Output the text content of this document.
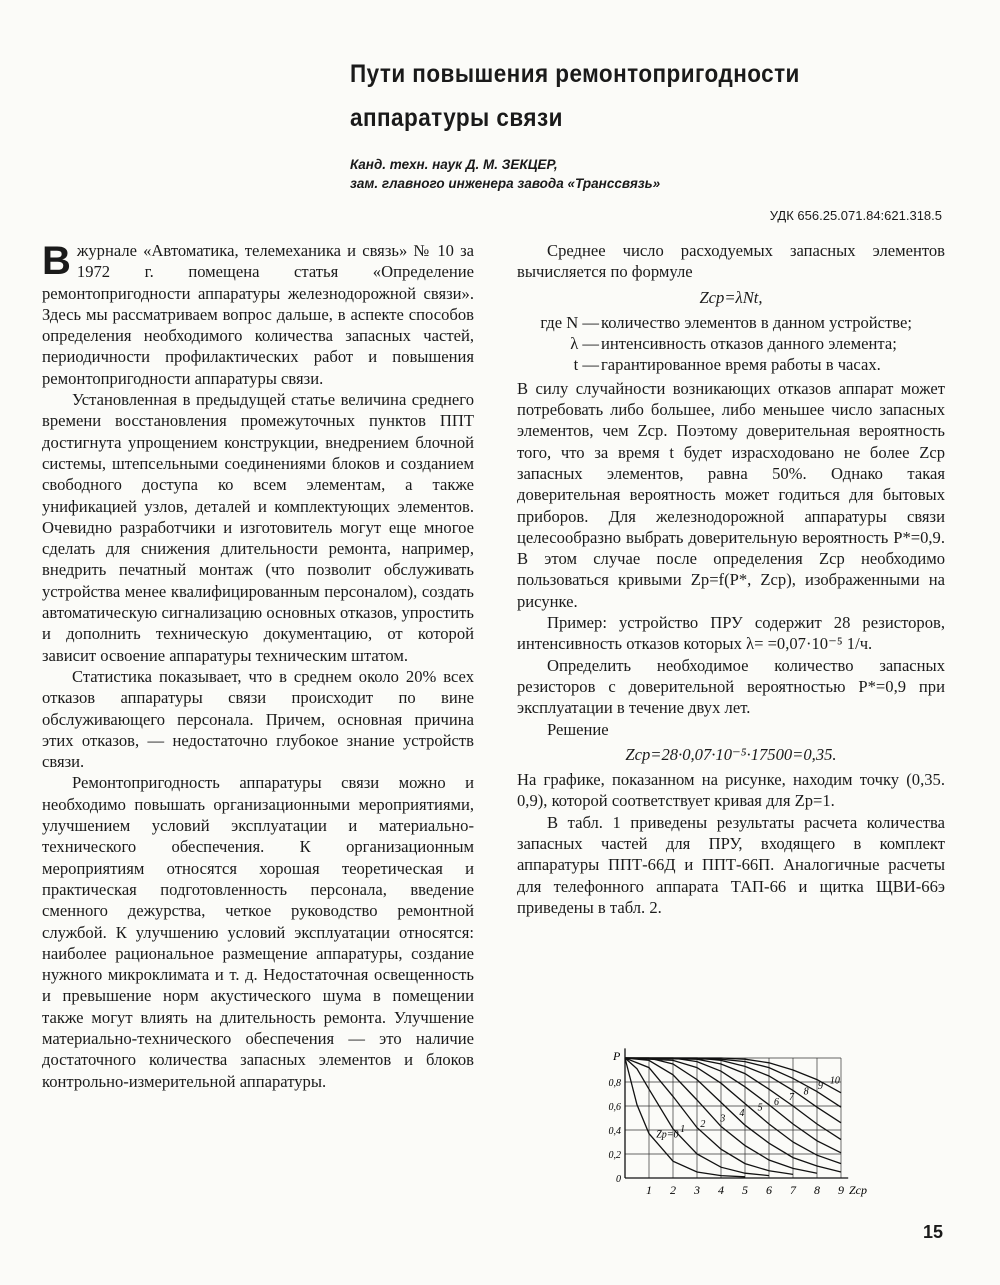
Пути повышения ремонтопригодности
аппаратуры связи
Канд. техн. наук Д. М. ЗЕКЦЕР,
зам. главного инженера завода «Транссвязь»
УДК 656.25.071.84:621.318.5

Вжурнале «Автоматика, телемеханика и связь» № 10 за 1972 г. помещена статья «Определение ремонтопригодности аппаратуры железнодорожной связи». Здесь мы рассматриваем вопрос дальше, в аспекте способов определения необходимого количества запасных частей, периодичности профилактических работ и повышения ремонтопригодности аппаратуры связи.

Установленная в предыдущей статье величина среднего времени восстановления промежуточных пунктов ППТ достигнута упрощением конструкции, внедрением блочной системы, штепсельными соединениями блоков и созданием свободного доступа ко всем элементам, а также унификацией узлов, деталей и комплектующих элементов. Очевидно разработчики и изготовитель могут еще многое сделать для снижения длительности ремонта, например, внедрить печатный монтаж (что позволит обслуживать устройства менее квалифицированным персоналом), создать автоматическую сигнализацию основных отказов, упростить и дополнить техническую документацию, от которой зависит освоение аппаратуры техническим штатом.

Статистика показывает, что в среднем около 20% всех отказов аппаратуры связи происходит по вине обслуживающего персонала. Причем, основная причина этих отказов, — недостаточно глубокое знание устройств связи.

Ремонтопригодность аппаратуры связи можно и необходимо повышать организационными мероприятиями, улучшением условий эксплуатации и материально-технического обеспечения. К организационным мероприятиям относятся хорошая теоретическая и практическая подготовленность персонала, введение сменного дежурства, четкое руководство ремонтной службой. К улучшению условий эксплуатации относятся: наиболее рациональное размещение аппаратуры, создание нужного микроклимата и т. д. Недостаточная освещенность и превышение норм акустического шума в помещении также могут влиять на длительность ремонта. Улучшение материально-технического обеспечения — это наличие достаточного количества запасных элементов и блоков контрольно-измерительной аппаратуры.

Среднее число расходуемых запасных элементов вычисляется по формуле

Zср=λNt,
где N — количество элементов в данном устройстве;
λ — интенсивность отказов данного элемента;
t — гарантированное время работы в часах.

В силу случайности возникающих отказов аппарат может потребовать либо большее, либо меньшее число запасных элементов, чем Zср. Поэтому доверительная вероятность того, что за время t будет израсходовано не более Zср запасных элементов, равна 50%. Однако такая доверительная вероятность может годиться для бытовых приборов. Для железнодорожной аппаратуры связи целесообразно выбрать доверительную вероятность P*=0,9. В этом случае после определения Zср необходимо пользоваться кривыми Zр=f(P*, Zср), изображенными на рисунке.

Пример: устройство ПРУ содержит 28 резисторов, интенсивность отказов которых λ= =0,07·10⁻⁵ 1/ч.

Определить необходимое количество запасных резисторов с доверительной вероятностью P*=0,9 при эксплуатации в течение двух лет.

Решение

Zср=28·0,07·10⁻⁵·17500=0,35.

На графике, показанном на рисунке, находим точку (0,35. 0,9), которой соответствует кривая для Zр=1.

В табл. 1 приведены результаты расчета количества запасных частей для ПРУ, входящего в комплект аппаратуры ППТ-66Д и ППТ-66П. Аналогичные расчеты для телефонного аппарата ТАП-66 и щитка ЩВИ-66э приведены в табл. 2.

Zр=0 1 2 3 4 5 6 7 8 9 10
1 2 3 4 5 6 7 8 9 Zср
0
0,2
0,4
0,6
0,8
P
15
